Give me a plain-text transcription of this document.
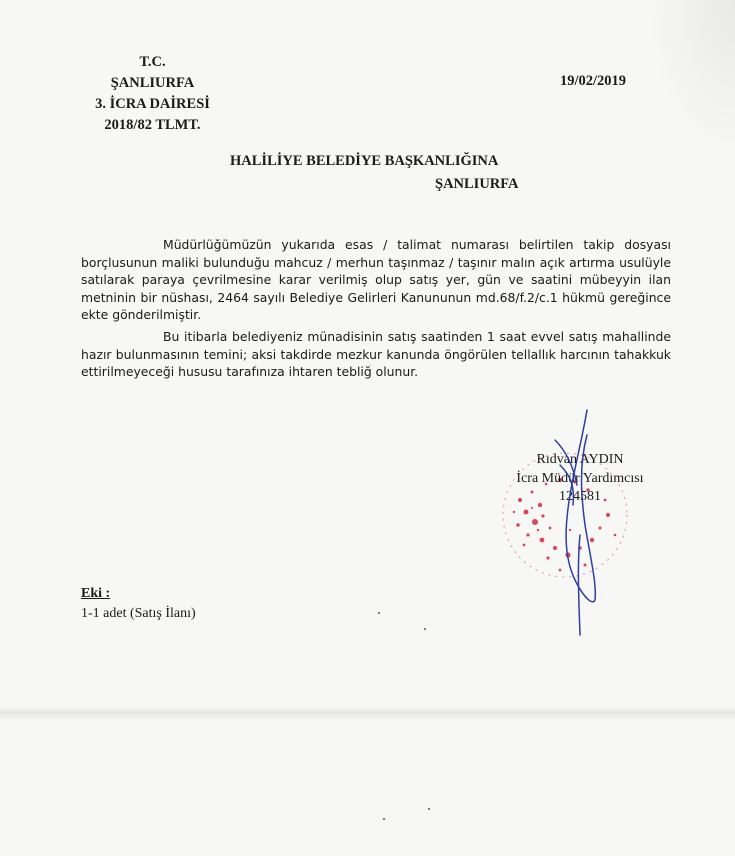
T.C.
ŞANLIURFA
3. İCRA DAİRESİ
2018/82 TLMT.
19/02/2019
HALİLİYE BELEDİYE BAŞKANLIĞINA
ŞANLIURFA

Müdürlüğümüzün yukarıda esas / talimat numarası belirtilen takip dosyası borçlusunun maliki bulunduğu mahcuz / merhun taşınmaz / taşınır malın açık artırma usulüyle satılarak paraya çevrilmesine karar verilmiş olup satış yer, gün ve saatini mübeyyin ilan metninin bir nüshası, 2464 sayılı Belediye Gelirleri Kanununun md.68/f.2/c.1 hükmü gereğince ekte gönderilmiştir.

Bu itibarla belediyeniz münadisinin satış saatinden 1 saat evvel satış mahallinde hazır bulunmasının temini; aksi takdirde mezkur kanunda öngörülen tellallık harcının tahakkuk ettirilmeyeceği hususu tarafınıza ihtaren tebliğ olunur.

Rıdvan AYDIN
İcra Müdür Yardımcısı
124581
Eki :
1-1 adet (Satış İlanı)
